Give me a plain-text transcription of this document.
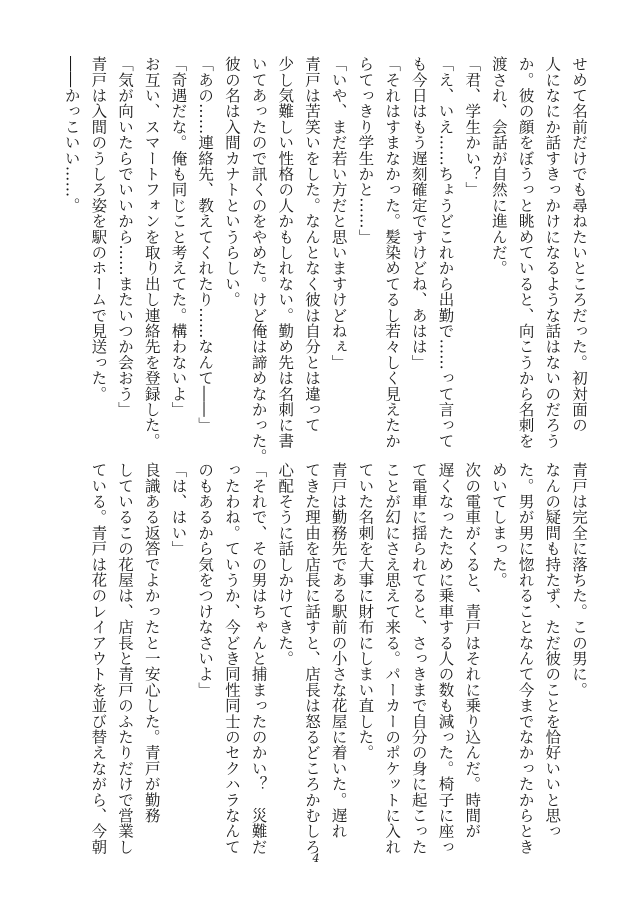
せめて名前だけでも尋ねたいところだった。初対面の

人になにか話すきっかけになるような話はないのだろう

か。彼の顔をぼうっと眺めていると、向こうから名刺を

渡され、会話が自然に進んだ。

「君、学生かい？」

「え、いえ……ちょうどこれから出勤で……って言って

も今日はもう遅刻確定ですけどね、あはは」

「それはすまなかった。髪染めてるし若々しく見えたか

らてっきり学生かと……」

「いや、まだ若い方だと思いますけどねぇ」

青戸は苦笑いをした。なんとなく彼は自分とは違って

少し気難しい性格の人かもしれない。勤め先は名刺に書

いてあったので訊くのをやめた。けど俺は諦めなかった。

彼の名は入間カナトというらしい。

「あの……連絡先、教えてくれたり……なんて――」

「奇遇だな。俺も同じこと考えてた。構わないよ」

お互い、スマートフォンを取り出し連絡先を登録した。

「気が向いたらでいいから……またいつか会おう」

青戸は入間のうしろ姿を駅のホームで見送った。

――かっこいい……。

青戸は完全に落ちた。この男に。

なんの疑問も持たず、ただ彼のことを恰好いいと思っ

た。男が男に惚れることなんて今までなかったからとき

めいてしまった。

次の電車がくると、青戸はそれに乗り込んだ。時間が

遅くなったために乗車する人の数も減った。椅子に座っ

て電車に揺られてると、さっきまで自分の身に起こった

ことが幻にさえ思えて来る。パーカーのポケットに入れ

ていた名刺を大事に財布にしまい直した。

青戸は勤務先である駅前の小さな花屋に着いた。遅れ

てきた理由を店長に話すと、店長は怒るどころかむしろ

心配そうに話しかけてきた。

「それで、その男はちゃんと捕まったのかい？　災難だ

ったわね。ていうか、今どき同性同士のセクハラなんて

のもあるから気をつけなさいよ」

「は、はい」

良識ある返答でよかったと一安心した。青戸が勤務

しているこの花屋は、店長と青戸のふたりだけで営業し

ている。青戸は花のレイアウトを並び替えながら、今朝

4
